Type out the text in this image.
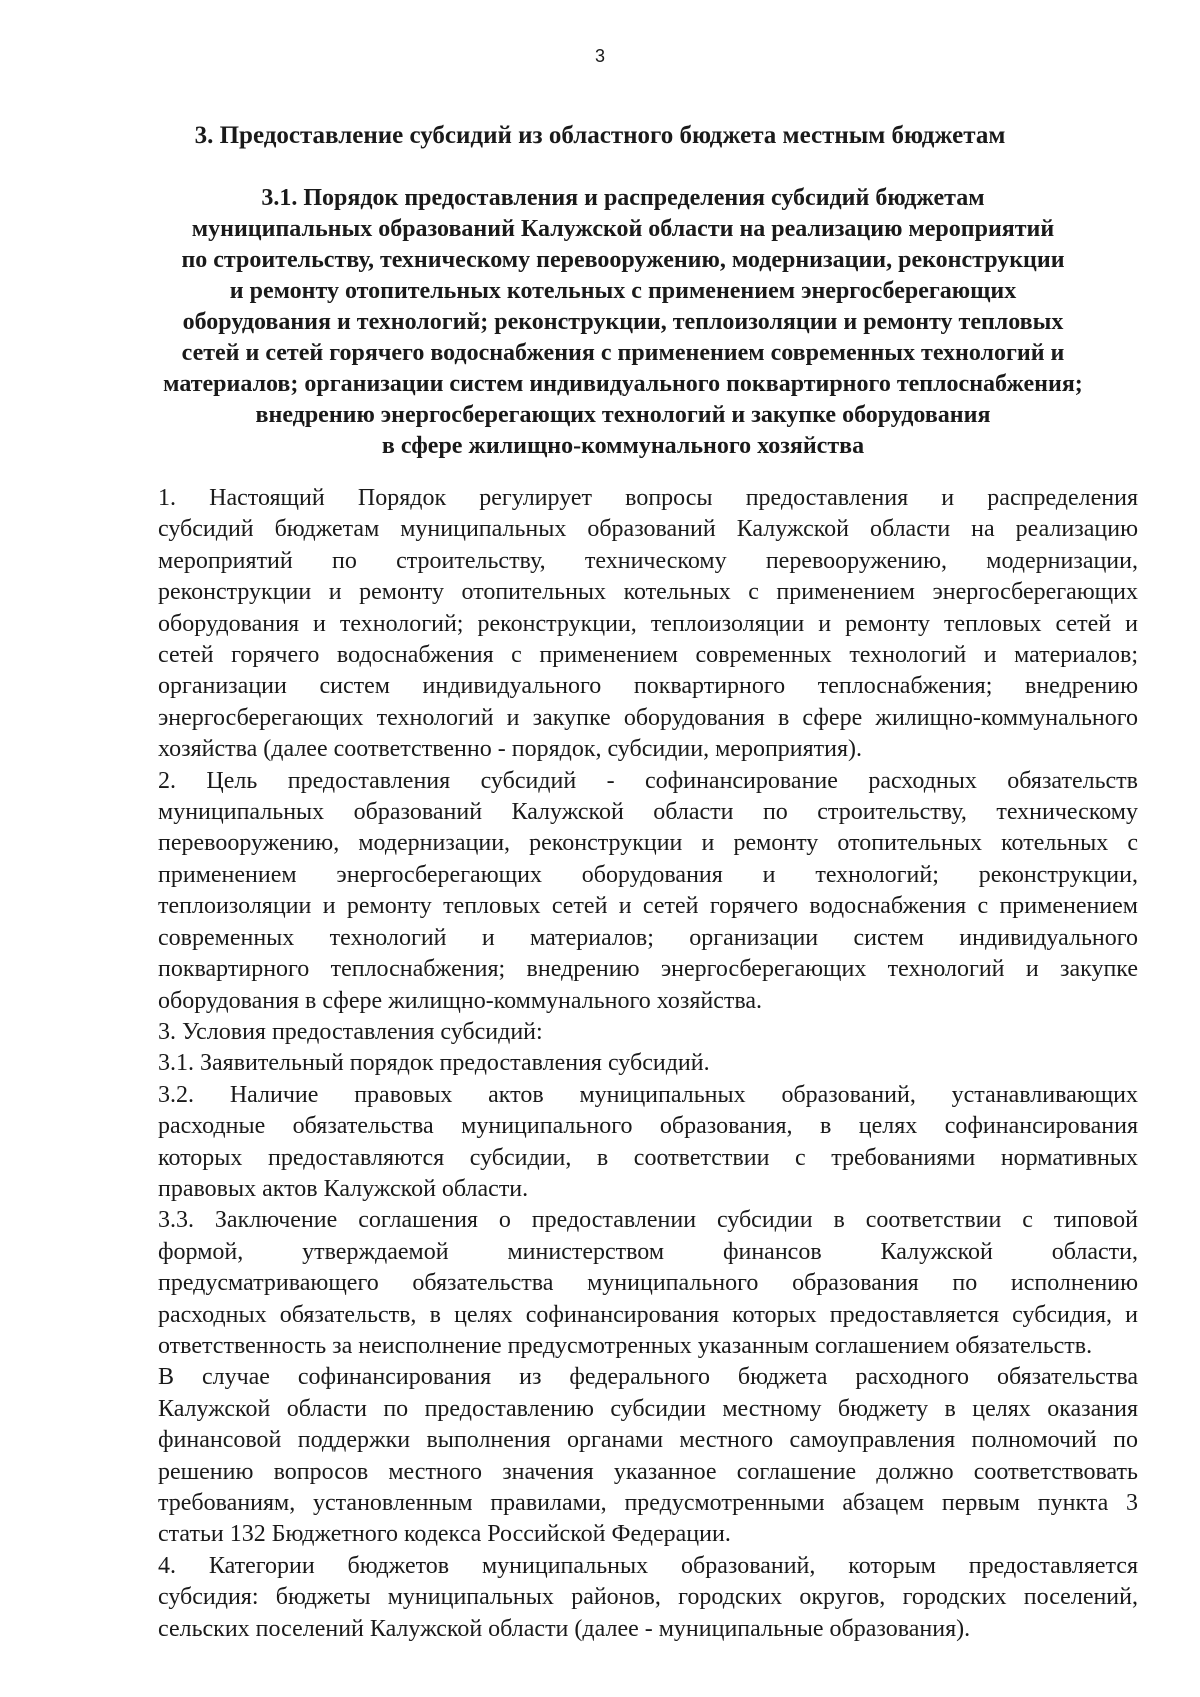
3
3. Предоставление субсидий из областного бюджета местным бюджетам
3.1. Порядок предоставления и распределения субсидий бюджетам
муниципальных образований Калужской области на реализацию мероприятий
по строительству, техническому перевооружению, модернизации, реконструкции
и ремонту отопительных котельных с применением энергосберегающих
оборудования и технологий; реконструкции, теплоизоляции и ремонту тепловых
сетей и сетей горячего водоснабжения с применением современных технологий и
материалов; организации систем индивидуального поквартирного теплоснабжения;
внедрению энергосберегающих технологий и закупке оборудования
в сфере жилищно-коммунального хозяйства

1. Настоящий Порядок регулирует вопросы предоставления и распределения
субсидий бюджетам муниципальных образований Калужской области на реализацию
мероприятий по строительству, техническому перевооружению, модернизации,
реконструкции и ремонту отопительных котельных с применением энергосберегающих
оборудования и технологий; реконструкции, теплоизоляции и ремонту тепловых сетей и
сетей горячего водоснабжения с применением современных технологий и материалов;
организации систем индивидуального поквартирного теплоснабжения; внедрению
энергосберегающих технологий и закупке оборудования в сфере жилищно-коммунального
хозяйства (далее соответственно - порядок, субсидии, мероприятия).

2. Цель предоставления субсидий - софинансирование расходных обязательств
муниципальных образований Калужской области по строительству, техническому
перевооружению, модернизации, реконструкции и ремонту отопительных котельных с
применением энергосберегающих оборудования и технологий; реконструкции,
теплоизоляции и ремонту тепловых сетей и сетей горячего водоснабжения с применением
современных технологий и материалов; организации систем индивидуального
поквартирного теплоснабжения; внедрению энергосберегающих технологий и закупке
оборудования в сфере жилищно-коммунального хозяйства.

3. Условия предоставления субсидий:

3.1. Заявительный порядок предоставления субсидий.

3.2. Наличие правовых актов муниципальных образований, устанавливающих
расходные обязательства муниципального образования, в целях софинансирования
которых предоставляются субсидии, в соответствии с требованиями нормативных
правовых актов Калужской области.

3.3. Заключение соглашения о предоставлении субсидии в соответствии с типовой
формой, утверждаемой министерством финансов Калужской области,
предусматривающего обязательства муниципального образования по исполнению
расходных обязательств, в целях софинансирования которых предоставляется субсидия, и
ответственность за неисполнение предусмотренных указанным соглашением обязательств.

В случае софинансирования из федерального бюджета расходного обязательства
Калужской области по предоставлению субсидии местному бюджету в целях оказания
финансовой поддержки выполнения органами местного самоуправления полномочий по
решению вопросов местного значения указанное соглашение должно соответствовать
требованиям, установленным правилами, предусмотренными абзацем первым пункта 3
статьи 132 Бюджетного кодекса Российской Федерации.

4. Категории бюджетов муниципальных образований, которым предоставляется
субсидия: бюджеты муниципальных районов, городских округов, городских поселений,
сельских поселений Калужской области (далее - муниципальные образования).
